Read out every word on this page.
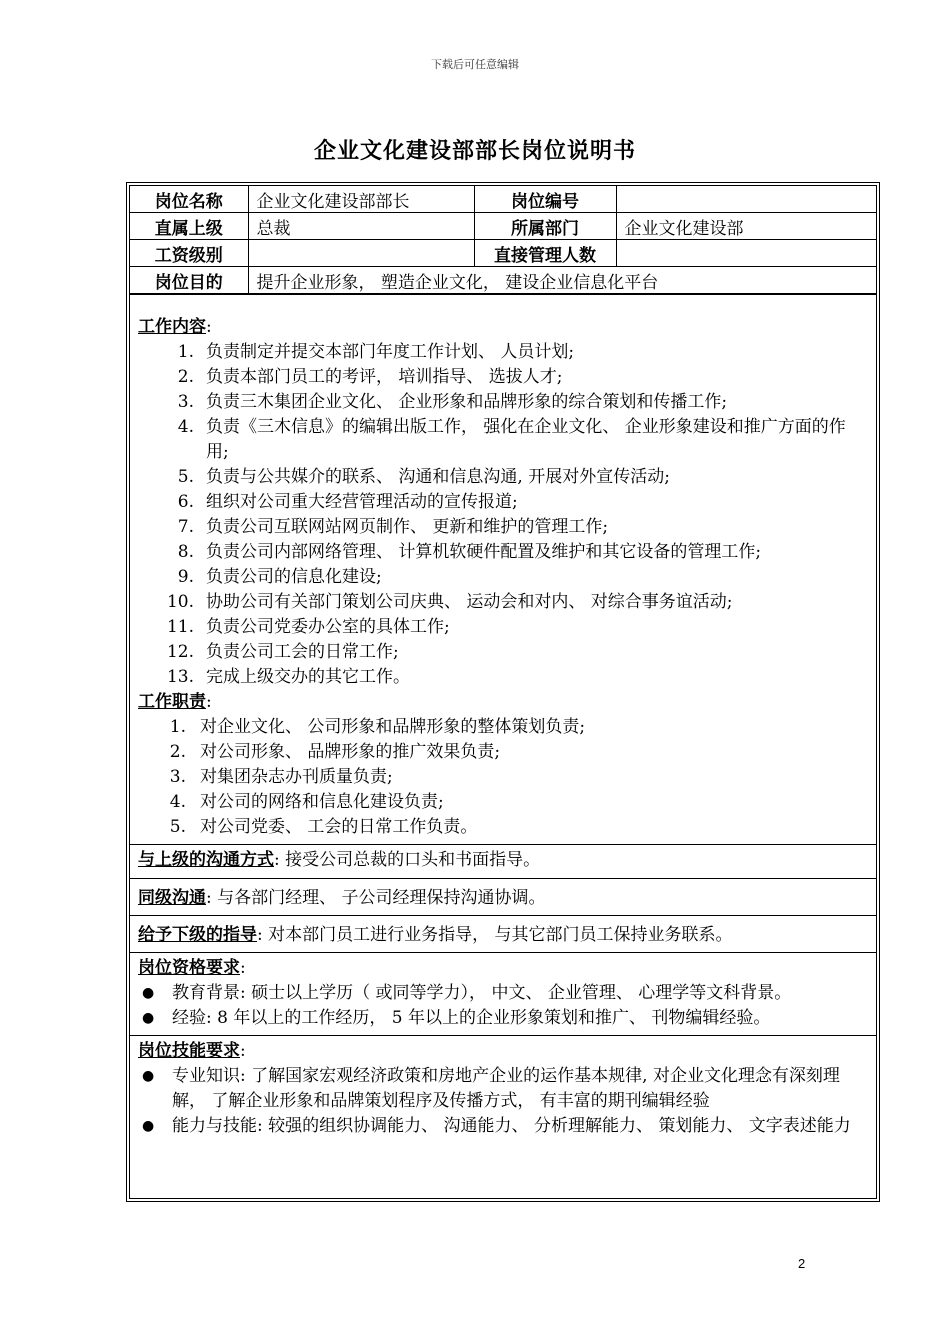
下载后可任意编辑
企业文化建设部部长岗位说明书
岗位名称	企业文化建设部部长	岗位编号	
直属上级	总裁	所属部门	企业文化建设部
工资级别		直接管理人数	
岗位目的	提升企业形象， 塑造企业文化， 建设企业信息化平台		
工作内容:
1. 负责制定并提交本部门年度工作计划、 人员计划;
2. 负责本部门员工的考评， 培训指导、 选拔人才;
3. 负责三木集团企业文化、 企业形象和品牌形象的综合策划和传播工作;
4. 负责《三木信息》的编辑出版工作， 强化在企业文化、 企业形象建设和推广方面的作用;
5. 负责与公共媒介的联系、 沟通和信息沟通, 开展对外宣传活动;
6. 组织对公司重大经营管理活动的宣传报道;
7. 负责公司互联网站网页制作、 更新和维护的管理工作;
8. 负责公司内部网络管理、 计算机软硬件配置及维护和其它设备的管理工作;
9. 负责公司的信息化建设;
10. 协助公司有关部门策划公司庆典、 运动会和对内、 对综合事务谊活动;
11. 负责公司党委办公室的具体工作;
12. 负责公司工会的日常工作;
13. 完成上级交办的其它工作。
工作职责:
1. 对企业文化、 公司形象和品牌形象的整体策划负责;
2. 对公司形象、 品牌形象的推广效果负责;
3. 对集团杂志办刊质量负责;
4. 对公司的网络和信息化建设负责;
5. 对公司党委、 工会的日常工作负责。
与上级的沟通方式: 接受公司总裁的口头和书面指导。
同级沟通: 与各部门经理、 子公司经理保持沟通协调。
给予下级的指导: 对本部门员工进行业务指导， 与其它部门员工保持业务联系。
岗位资格要求:
● 教育背景: 硕士以上学历（ 或同等学力）， 中文、 企业管理、 心理学等文科背景。
● 经验: 8 年以上的工作经历， 5 年以上的企业形象策划和推广、 刊物编辑经验。
岗位技能要求:
● 专业知识: 了解国家宏观经济政策和房地产企业的运作基本规律, 对企业文化理念有深刻理解， 了解企业形象和品牌策划程序及传播方式， 有丰富的期刊编辑经验
● 能力与技能: 较强的组织协调能力、 沟通能力、 分析理解能力、 策划能力、 文字表述能力
2
